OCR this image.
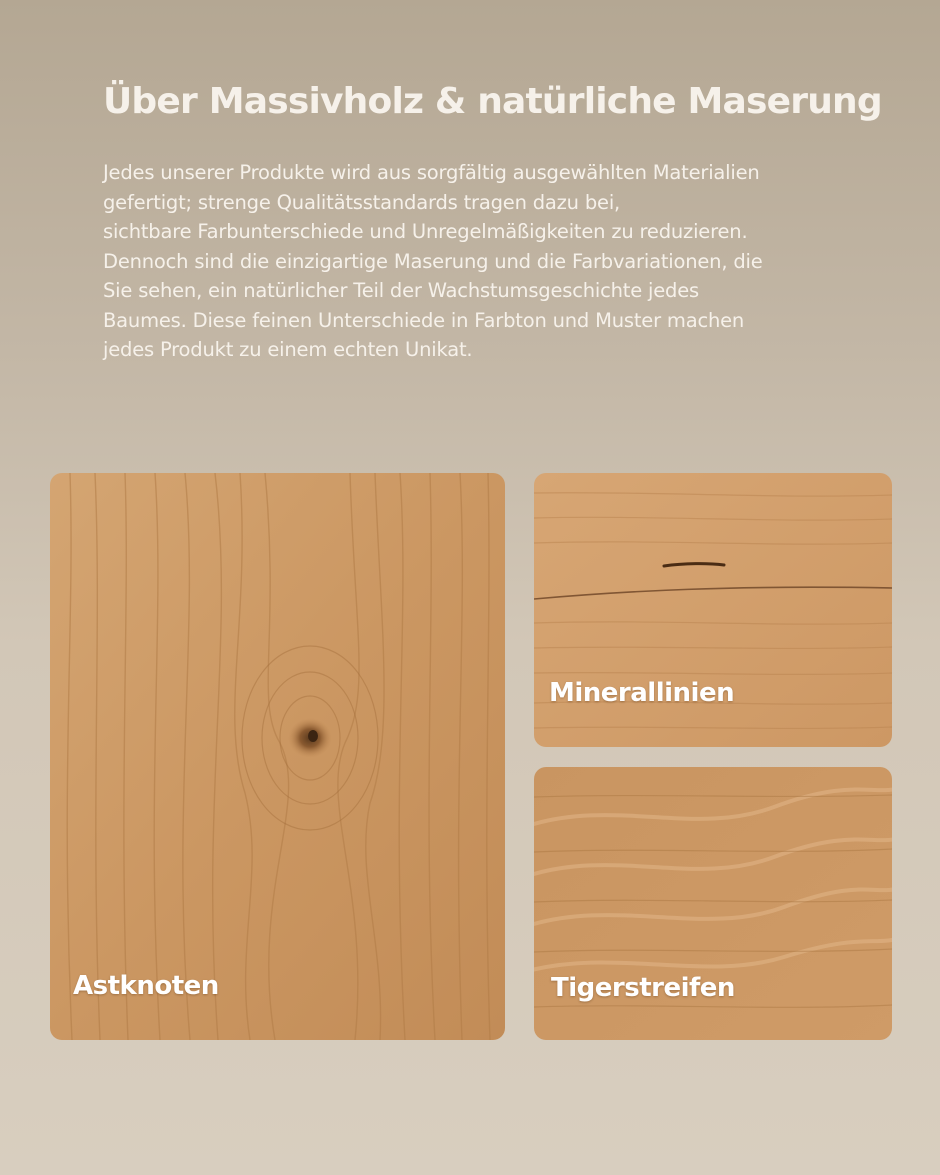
Über Massivholz & natürliche Maserung

Jedes unserer Produkte wird aus sorgfältig ausgewählten Materialien
gefertigt; strenge Qualitätsstandards tragen dazu bei,
sichtbare Farbunterschiede und Unregelmäßigkeiten zu reduzieren.
Dennoch sind die einzigartige Maserung und die Farbvariationen, die
Sie sehen, ein natürlicher Teil der Wachstumsgeschichte jedes
Baumes. Diese feinen Unterschiede in Farbton und Muster machen
jedes Produkt zu einem echten Unikat.

Astknoten
Minerallinien
Tigerstreifen
